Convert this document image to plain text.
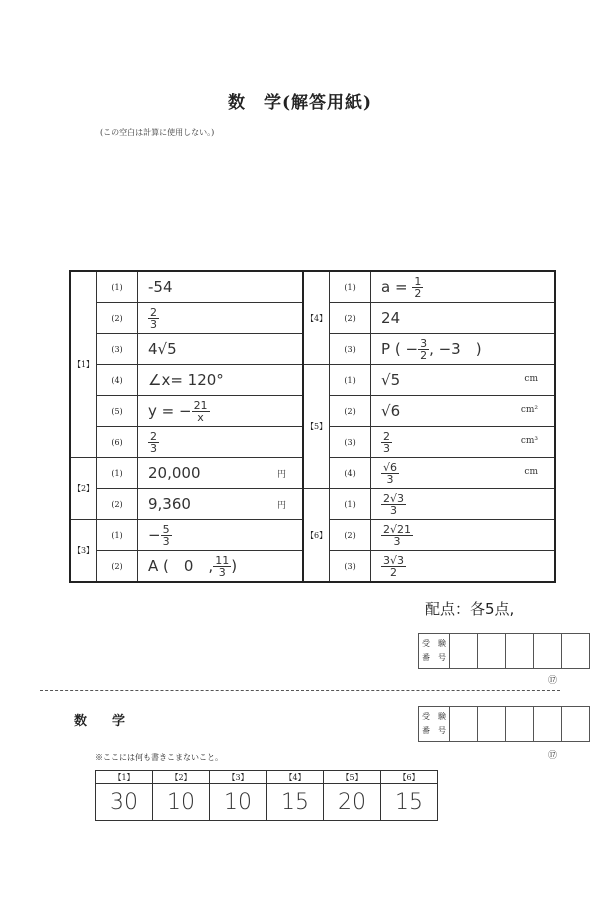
数　学(解答用紙)
(この空白は計算に使用しない。)
【1】	(1)	-54	【4】	(1)	$a = \frac{1}{2}$

	(2)	$\frac{2}{3}$		(2)	24
	(3)	4√5		(3)	P ( − $\frac{3}{2}$ , −3　)
	(4)	∠x= 120°	【5】	(1)	√5 cm

	(5)	y = − $\frac{21}{x}$		(2)	√6 cm²

	(6)	$\frac{2}{3}$		(3)	$\frac{2}{3} cm^3$

【2】	(1)	20,000 円		(4)	$\frac{√6}{3}$ cm

	(2)	9,360 円	【6】	(1)	$\frac{2√3}{3}$

【3】	(1)	− $\frac{5}{3}$		(2)	$\frac{2√21}{3}$

	(2)	A (　0　, $\frac{11}{3}$ )		(3)	$\frac{3√3}{2}$
配点：各5点,
受　験
番　号					
⑰
数　学	受　験
番　号					
⑰
※ここには何も書きこまないこと。
【1】	【2】	【3】	【4】	【5】	【6】
30	10	10	15	20	15
